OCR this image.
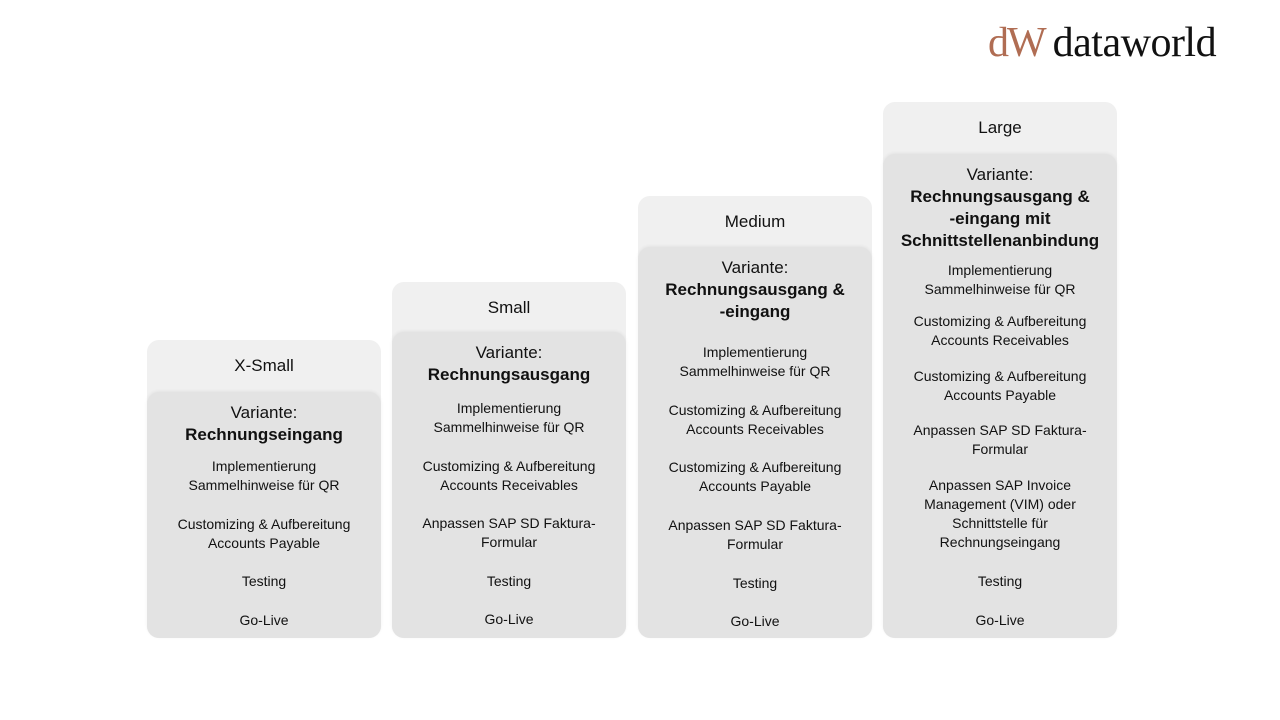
dW dataworld
X-Small
Variante:
Rechnungseingang
Implementierung
Sammelhinweise für QR
Customizing & Aufbereitung
Accounts Payable
Testing
Go-Live
Small
Variante:
Rechnungsausgang
Implementierung
Sammelhinweise für QR
Customizing & Aufbereitung
Accounts Receivables
Anpassen SAP SD Faktura-
Formular
Testing
Go-Live
Medium
Variante:
Rechnungsausgang &
-eingang
Implementierung
Sammelhinweise für QR
Customizing & Aufbereitung
Accounts Receivables
Customizing & Aufbereitung
Accounts Payable
Anpassen SAP SD Faktura-
Formular
Testing
Go-Live
Large
Variante:
Rechnungsausgang &
-eingang mit
Schnittstellenanbindung
Implementierung
Sammelhinweise für QR
Customizing & Aufbereitung
Accounts Receivables
Customizing & Aufbereitung
Accounts Payable
Anpassen SAP SD Faktura-
Formular
Anpassen SAP Invoice
Management (VIM) oder
Schnittstelle für
Rechnungseingang
Testing
Go-Live
